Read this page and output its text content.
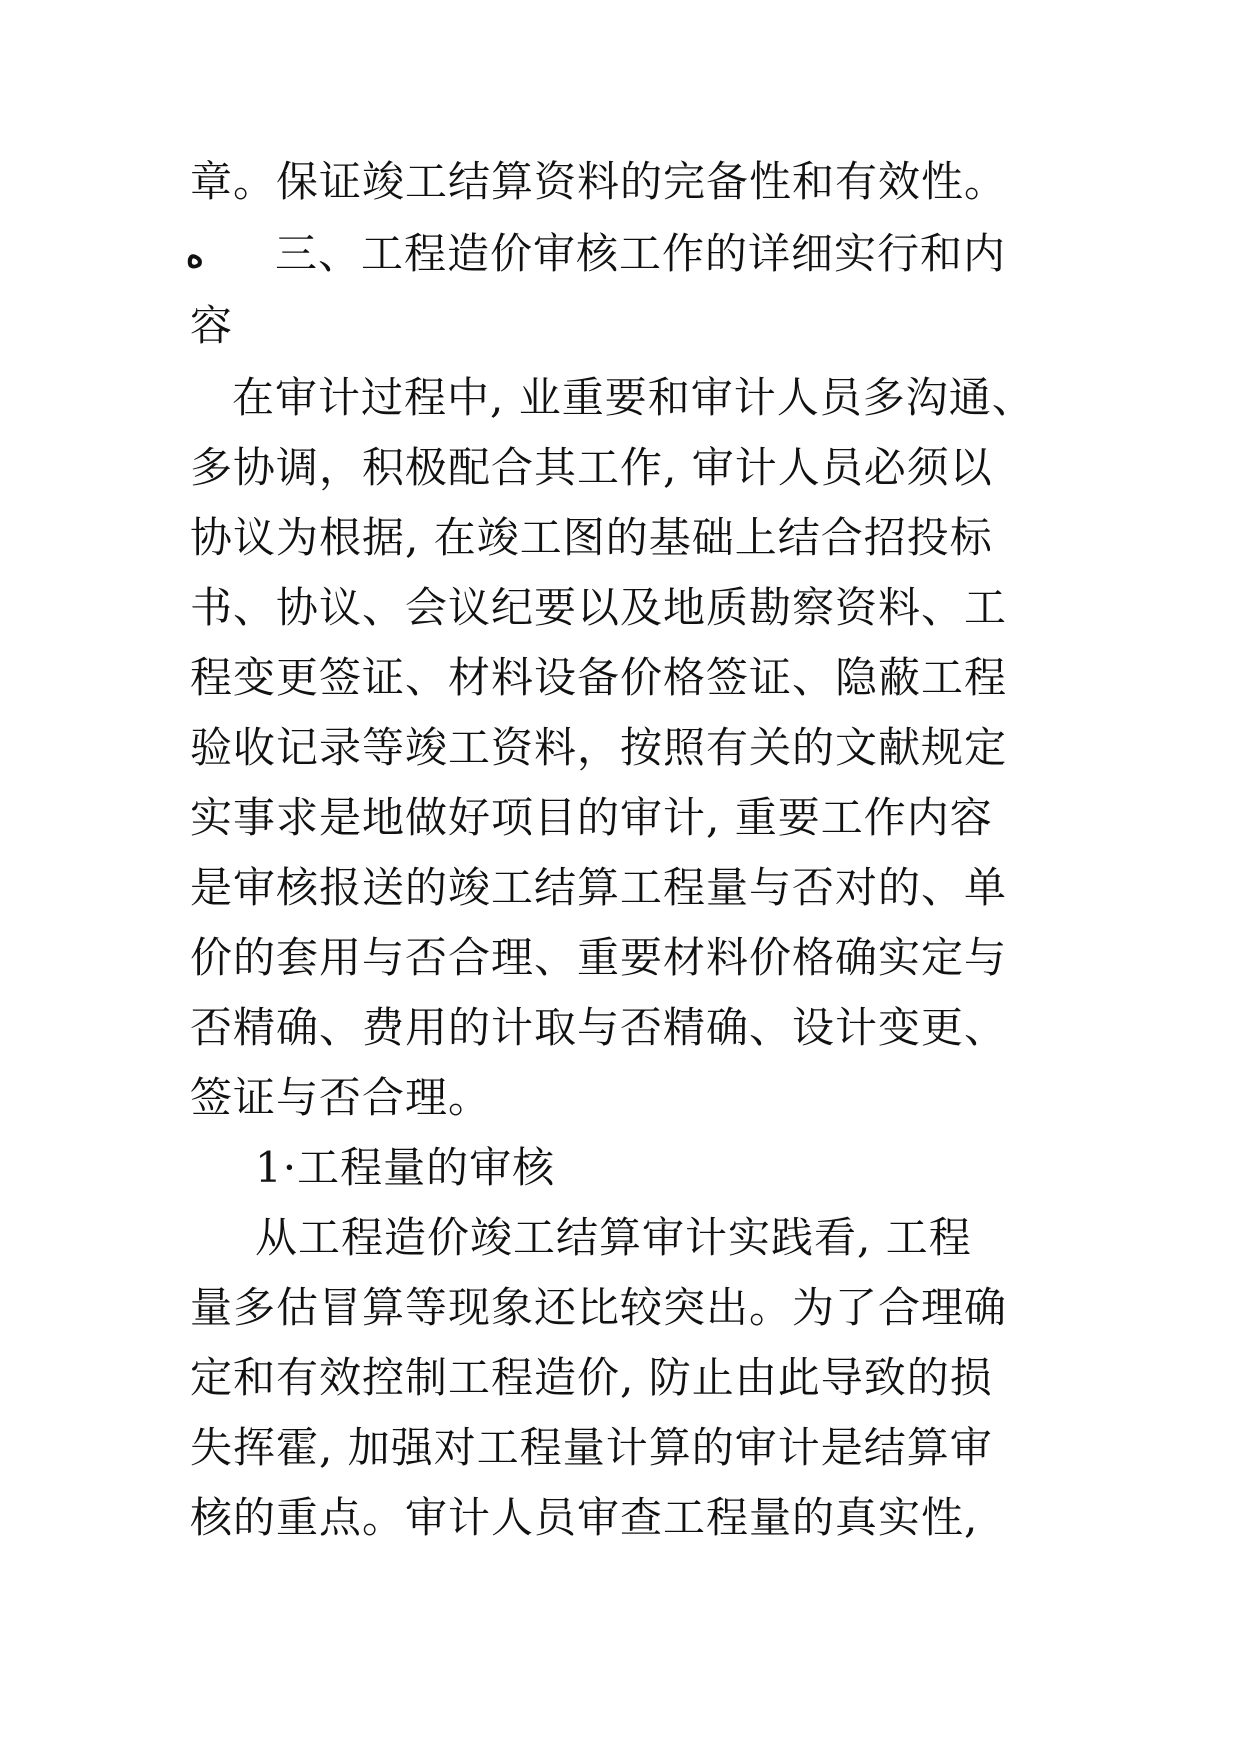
ه
章。保证竣工结算资料的完备性和有效性。
三、工程造价审核工作的详细实行和内
容
在审计过程中, 业重要和审计人员多沟通、
多协调，积极配合其工作, 审计人员必须以
协议为根据, 在竣工图的基础上结合招投标
书、协议、会议纪要以及地质勘察资料、工
程变更签证、材料设备价格签证、隐蔽工程
验收记录等竣工资料，按照有关的文献规定
实事求是地做好项目的审计, 重要工作内容
是审核报送的竣工结算工程量与否对的、单
价的套用与否合理、重要材料价格确实定与
否精确、费用的计取与否精确、设计变更、
签证与否合理。
1·工程量的审核
从工程造价竣工结算审计实践看, 工程
量多估冒算等现象还比较突出。为了合理确
定和有效控制工程造价, 防止由此导致的损
失挥霍, 加强对工程量计算的审计是结算审
核的重点。审计人员审查工程量的真实性,
